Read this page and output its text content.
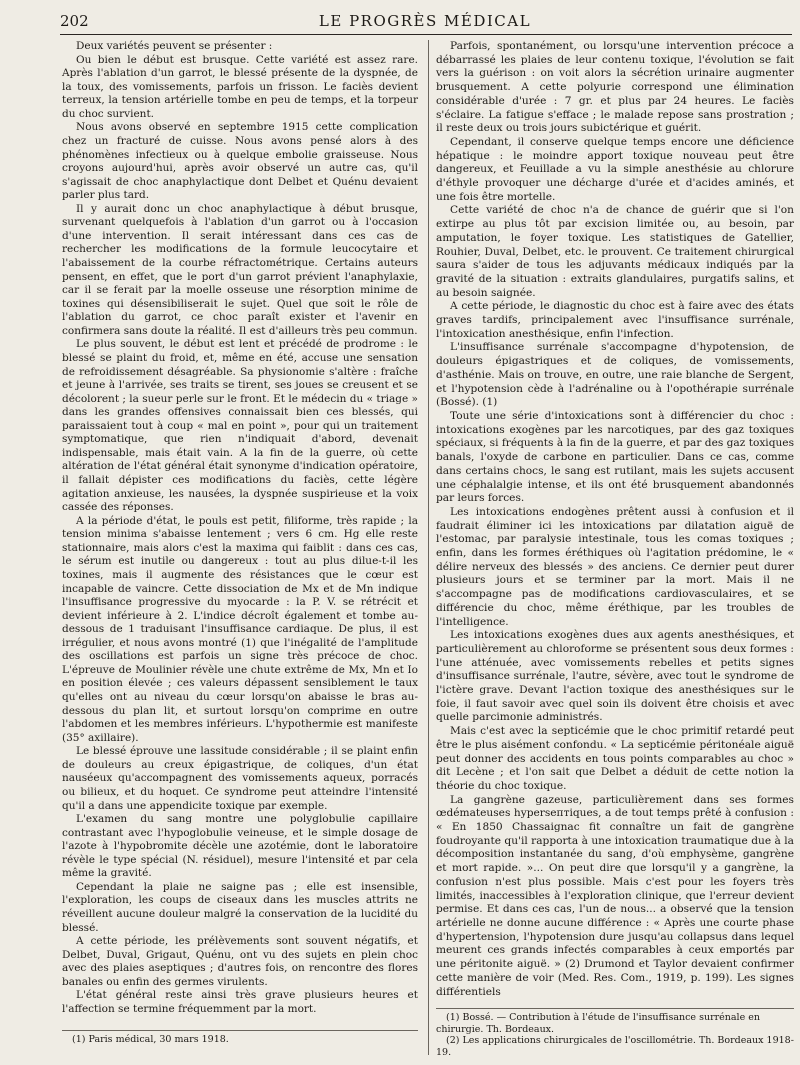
202	LE PROGRÈS MÉDICAL

Deux variétés peuvent se présenter :

Ou bien le début est brusque. Cette variété est assez rare. Après l'ablation d'un garrot, le blessé présente de la dyspnée, de la toux, des vomissements, parfois un frisson. Le faciès devient terreux, la tension artérielle tombe en peu de temps, et la torpeur du choc survient.

Nous avons observé en septembre 1915 cette complication chez un fracturé de cuisse. Nous avons pensé alors à des phénomènes infectieux ou à quelque embolie graisseuse. Nous croyons aujourd'hui, après avoir observé un autre cas, qu'il s'agissait de choc anaphylactique dont Delbet et Quénu devaient parler plus tard.

Il y aurait donc un choc anaphylactique à début brusque, survenant quelquefois à l'ablation d'un garrot ou à l'occasion d'une intervention. Il serait intéressant dans ces cas de rechercher les modifications de la formule leucocytaire et l'abaissement de la courbe réfractométrique. Certains auteurs pensent, en effet, que le port d'un garrot prévient l'anaphylaxie, car il se ferait par la moelle osseuse une résorption minime de toxines qui désensibiliserait le sujet. Quel que soit le rôle de l'ablation du garrot, ce choc paraît exister et l'avenir en confirmera sans doute la réalité. Il est d'ailleurs très peu commun.

Le plus souvent, le début est lent et précédé de prodrome : le blessé se plaint du froid, et, même en été, accuse une sensation de refroidissement désagréable. Sa physionomie s'altère : fraîche et jeune à l'arrivée, ses traits se tirent, ses joues se creusent et se décolorent ; la sueur perle sur le front. Et le médecin du « triage » dans les grandes offensives connaissait bien ces blessés, qui paraissaient tout à coup « mal en point », pour qui un traitement symptomatique, que rien n'indiquait d'abord, devenait indispensable, mais était vain. A la fin de la guerre, où cette altération de l'état général était synonyme d'indication opératoire, il fallait dépister ces modifications du faciès, cette légère agitation anxieuse, les nausées, la dyspnée suspirieuse et la voix cassée des réponses.

A la période d'état, le pouls est petit, filiforme, très rapide ; la tension minima s'abaisse lentement ; vers 6 cm. Hg elle reste stationnaire, mais alors c'est la maxima qui faiblit : dans ces cas, le sérum est inutile ou dangereux : tout au plus dilue-t-il les toxines, mais il augmente des résistances que le cœur est incapable de vaincre. Cette dissociation de Mx et de Mn indique l'insuffisance progressive du myocarde : la P. V. se rétrécit et devient inférieure à 2. L'indice décroît également et tombe au-dessous de 1 traduisant l'insuffisance cardiaque. De plus, il est irrégulier, et nous avons montré (1) que l'inégalité de l'amplitude des oscillations est parfois un signe très précoce de choc. L'épreuve de Moulinier révèle une chute extrême de Mx, Mn et Io en position élevée ; ces valeurs dépassent sensiblement le taux qu'elles ont au niveau du cœur lorsqu'on abaisse le bras au-dessous du plan lit, et surtout lorsqu'on comprime en outre l'abdomen et les membres inférieurs. L'hypothermie est manifeste (35° axillaire).

Le blessé éprouve une lassitude considérable ; il se plaint enfin de douleurs au creux épigastrique, de coliques, d'un état nauséeux qu'accompagnent des vomissements aqueux, porracés ou bilieux, et du hoquet. Ce syndrome peut atteindre l'intensité qu'il a dans une appendicite toxique par exemple.

L'examen du sang montre une polyglobulie capillaire contrastant avec l'hypoglobulie veineuse, et le simple dosage de l'azote à l'hypobromite décèle une azotémie, dont le laboratoire révèle le type spécial (N. résiduel), mesure l'intensité et par cela même la gravité.

Cependant la plaie ne saigne pas ; elle est insensible, l'exploration, les coups de ciseaux dans les muscles attrits ne réveillent aucune douleur malgré la conservation de la lucidité du blessé.

A cette période, les prélèvements sont souvent négatifs, et Delbet, Duval, Grigaut, Quénu, ont vu des sujets en plein choc avec des plaies aseptiques ; d'autres fois, on rencontre des flores banales ou enfin des germes virulents.

L'état général reste ainsi très grave plusieurs heures et l'affection se termine fréquemment par la mort.

Parfois, spontanément, ou lorsqu'une intervention précoce a débarrassé les plaies de leur contenu toxique, l'évolution se fait vers la guérison : on voit alors la sécrétion urinaire augmenter brusquement. A cette polyurie correspond une élimination considérable d'urée : 7 gr. et plus par 24 heures. Le faciès s'éclaire. La fatigue s'efface ; le malade repose sans prostration ; il reste deux ou trois jours subictérique et guérit.

Cependant, il conserve quelque temps encore une déficience hépatique : le moindre apport toxique nouveau peut être dangereux, et Feuillade a vu la simple anesthésie au chlorure d'éthyle provoquer une décharge d'urée et d'acides aminés, et une fois être mortelle.

Cette variété de choc n'a de chance de guérir que si l'on extirpe au plus tôt par excision limitée ou, au besoin, par amputation, le foyer toxique. Les statistiques de Gatellier, Rouhier, Duval, Delbet, etc. le prouvent. Ce traitement chirurgical saura s'aider de tous les adjuvants médicaux indiqués par la gravité de la situation : extraits glandulaires, purgatifs salins, et au besoin saignée.

A cette période, le diagnostic du choc est à faire avec des états graves tardifs, principalement avec l'insuffisance surrénale, l'intoxication anesthésique, enfin l'infection.

L'insuffisance surrénale s'accompagne d'hypotension, de douleurs épigastriques et de coliques, de vomissements, d'asthénie. Mais on trouve, en outre, une raie blanche de Sergent, et l'hypotension cède à l'adrénaline ou à l'opothérapie surrénale (Bossé). (1)

Toute une série d'intoxications sont à différencier du choc : intoxications exogènes par les narcotiques, par des gaz toxiques spéciaux, si fréquents à la fin de la guerre, et par des gaz toxiques banals, l'oxyde de carbone en particulier. Dans ce cas, comme dans certains chocs, le sang est rutilant, mais les sujets accusent une céphalalgie intense, et ils ont été brusquement abandonnés par leurs forces.

Les intoxications endogènes prêtent aussi à confusion et il faudrait éliminer ici les intoxications par dilatation aiguë de l'estomac, par paralysie intestinale, tous les comas toxiques ; enfin, dans les formes éréthiques où l'agitation prédomine, le « délire nerveux des blessés » des anciens. Ce dernier peut durer plusieurs jours et se terminer par la mort. Mais il ne s'accompagne pas de modifications cardiovasculaires, et se différencie du choc, même éréthique, par les troubles de l'intelligence.

Les intoxications exogènes dues aux agents anesthésiques, et particulièrement au chloroforme se présentent sous deux formes : l'une atténuée, avec vomissements rebelles et petits signes d'insuffisance surrénale, l'autre, sévère, avec tout le syndrome de l'ictère grave. Devant l'action toxique des anesthésiques sur le foie, il faut savoir avec quel soin ils doivent être choisis et avec quelle parcimonie administrés.

Mais c'est avec la septicémie que le choc primitif retardé peut être le plus aisément confondu. « La septicémie péritonéale aiguë peut donner des accidents en tous points comparables au choc » dit Lecène ; et l'on sait que Delbet a déduit de cette notion la théorie du choc toxique.

La gangrène gazeuse, particulièrement dans ses formes œdémateuses hypersептiques, a de tout temps prêté à confusion : « En 1850 Chassaignac fit connaître un fait de gangrène foudroyante qu'il rapporta à une intoxication traumatique due à la décomposition instantanée du sang, d'où emphysème, gangrène et mort rapide. »... On peut dire que lorsqu'il y a gangrène, la confusion n'est plus possible. Mais c'est pour les foyers très limités, inaccessibles à l'exploration clinique, que l'erreur devient permise. Et dans ces cas, l'un de nous... a observé que la tension artérielle ne donne aucune différence : « Après une courte phase d'hypertension, l'hypotension dure jusqu'au collapsus dans lequel meurent ces grands infectés comparables à ceux emportés par une péritonite aiguë. » (2) Drumond et Taylor devaient confirmer cette manière de voir (Med. Res. Com., 1919, p. 199). Les signes différentiels

(1) Paris médical, 30 mars 1918.

(1) Bossé. — Contribution à l'étude de l'insuffisance surrénale en chirurgie. Th. Bordeaux.

(2) Les applications chirurgicales de l'oscillométrie. Th. Bordeaux 1918-19.
